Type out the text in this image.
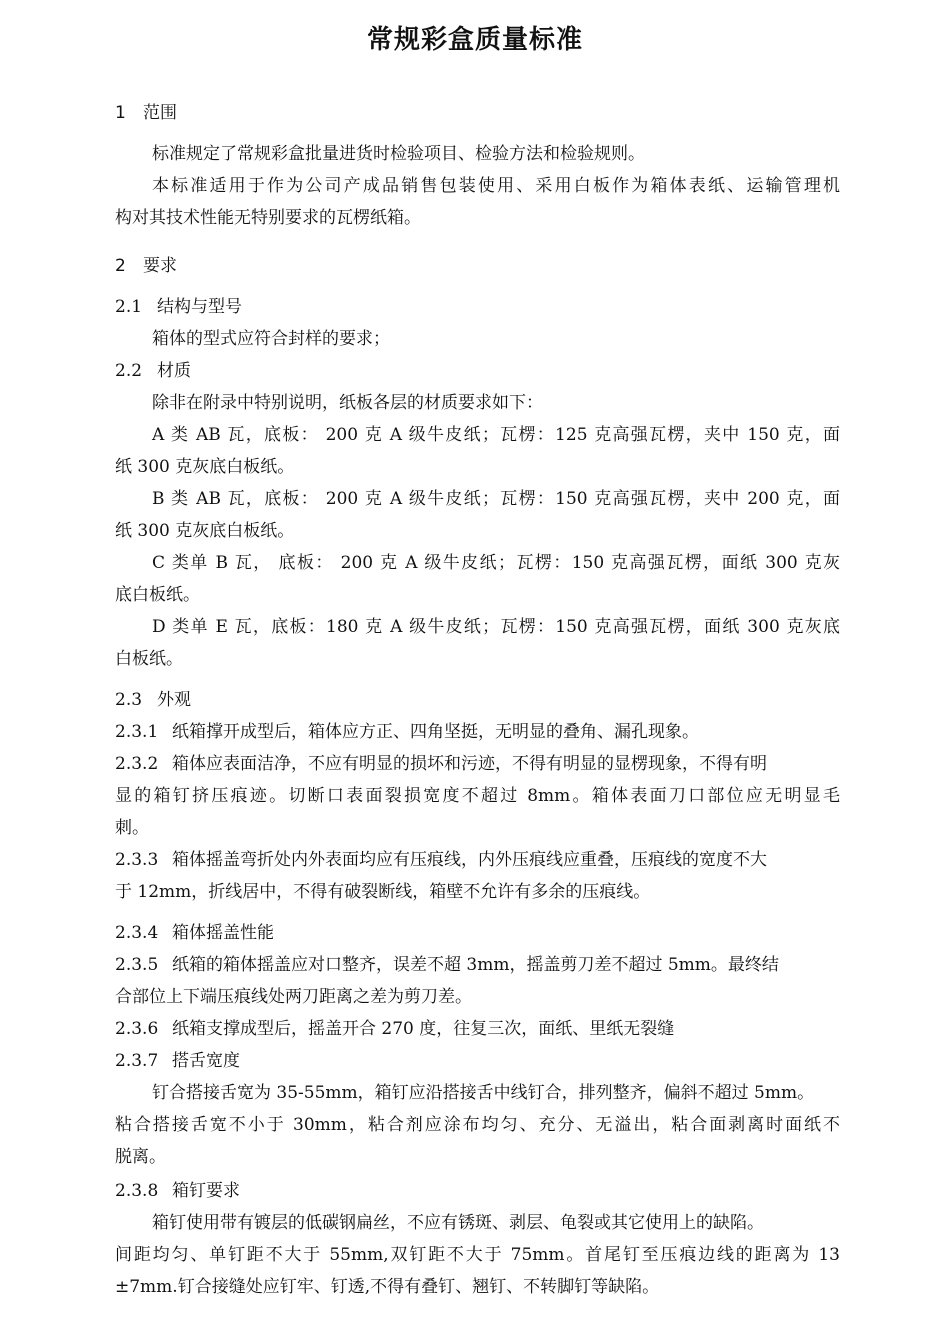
常规彩盒质量标准
1 范围
标准规定了常规彩盒批量进货时检验项目、检验方法和检验规则。
本标准适用于作为公司产成品销售包装使用、采用白板作为箱体表纸、运输管理机
构对其技术性能无特别要求的瓦楞纸箱。
2 要求
2.1 结构与型号
箱体的型式应符合封样的要求；
2.2 材质
除非在附录中特别说明，纸板各层的材质要求如下：
A 类 AB 瓦，底板： 200 克 A 级牛皮纸；瓦楞：125 克高强瓦楞，夹中 150 克，面
纸 300 克灰底白板纸。
B 类 AB 瓦，底板： 200 克 A 级牛皮纸；瓦楞：150 克高强瓦楞，夹中 200 克，面
纸 300 克灰底白板纸。
C 类单 B 瓦， 底板： 200 克 A 级牛皮纸；瓦楞：150 克高强瓦楞，面纸 300 克灰
底白板纸。
D 类单 E 瓦，底板：180 克 A 级牛皮纸；瓦楞：150 克高强瓦楞，面纸 300 克灰底
白板纸。
2.3 外观
2.3.1 纸箱撑开成型后，箱体应方正、四角坚挺，无明显的叠角、漏孔现象。
2.3.2 箱体应表面洁净，不应有明显的损坏和污迹，不得有明显的显楞现象，不得有明
显的箱钉挤压痕迹。切断口表面裂损宽度不超过 8mm。箱体表面刀口部位应无明显毛
刺。
2.3.3 箱体摇盖弯折处内外表面均应有压痕线，内外压痕线应重叠，压痕线的宽度不大
于 12mm，折线居中，不得有破裂断线，箱壁不允许有多余的压痕线。
2.3.4 箱体摇盖性能
2.3.5 纸箱的箱体摇盖应对口整齐，误差不超 3mm，摇盖剪刀差不超过 5mm。最终结
合部位上下端压痕线处两刀距离之差为剪刀差。
2.3.6 纸箱支撑成型后，摇盖开合 270 度，往复三次，面纸、里纸无裂缝
2.3.7 搭舌宽度
钉合搭接舌宽为 35-55mm，箱钉应沿搭接舌中线钉合，排列整齐，偏斜不超过 5mm。
粘合搭接舌宽不小于 30mm，粘合剂应涂布均匀、充分、无溢出，粘合面剥离时面纸不
脱离。
2.3.8 箱钉要求
箱钉使用带有镀层的低碳钢扁丝，不应有锈斑、剥层、龟裂或其它使用上的缺陷。
间距均匀、单钉距不大于 55mm,双钉距不大于 75mm。首尾钉至压痕边线的距离为 13
±7mm.钉合接缝处应钉牢、钉透,不得有叠钉、翘钉、不转脚钉等缺陷。
